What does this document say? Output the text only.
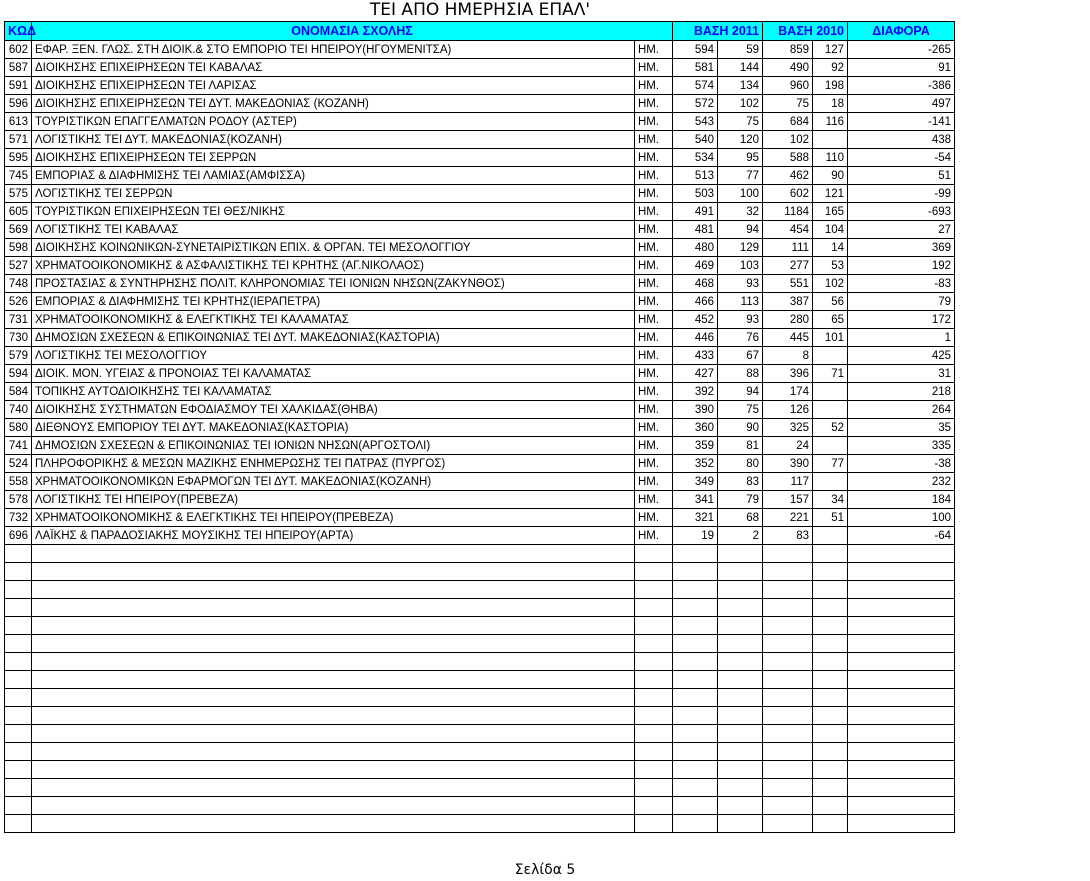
ΤΕΙ ΑΠΟ ΗΜΕΡΗΣΙΑ ΕΠΑΛ'
ΚΩΔ	ΟΝΟΜΑΣΙΑ ΣΧΟΛΗΣ		ΒΑΣΗ 2011		ΒΑΣΗ 2010		ΔΙΑΦΟΡΑ
602	ΕΦΑΡ. ΞΕΝ. ΓΛΩΣ. ΣΤΗ ΔΙΟΙΚ.& ΣΤΟ ΕΜΠΟΡΙΟ ΤΕΙ ΗΠΕΙΡΟΥ(ΗΓΟΥΜΕΝΙΤΣΑ)	ΗΜ.	594	59	859	127	-265
587	ΔΙΟΙΚΗΣΗΣ ΕΠΙΧΕΙΡΗΣΕΩΝ ΤΕΙ ΚΑΒΑΛΑΣ	ΗΜ.	581	144	490	92	91
591	ΔΙΟΙΚΗΣΗΣ ΕΠΙΧΕΙΡΗΣΕΩΝ ΤΕΙ ΛΑΡΙΣΑΣ	ΗΜ.	574	134	960	198	-386
596	ΔΙΟΙΚΗΣΗΣ ΕΠΙΧΕΙΡΗΣΕΩΝ ΤΕΙ ΔΥΤ. ΜΑΚΕΔΟΝΙΑΣ (ΚΟΖΑΝΗ)	ΗΜ.	572	102	75	18	497
613	ΤΟΥΡΙΣΤΙΚΩΝ ΕΠΑΓΓΕΛΜΑΤΩΝ ΡΟΔΟΥ (ΑΣΤΕΡ)	ΗΜ.	543	75	684	116	-141
571	ΛΟΓΙΣΤΙΚΗΣ ΤΕΙ ΔΥΤ. ΜΑΚΕΔΟΝΙΑΣ(ΚΟΖΑΝΗ)	ΗΜ.	540	120	102		438
595	ΔΙΟΙΚΗΣΗΣ ΕΠΙΧΕΙΡΗΣΕΩΝ ΤΕΙ ΣΕΡΡΩΝ	ΗΜ.	534	95	588	110	-54
745	ΕΜΠΟΡΙΑΣ & ΔΙΑΦΗΜΙΣΗΣ ΤΕΙ ΛΑΜΙΑΣ(ΑΜΦΙΣΣΑ)	ΗΜ.	513	77	462	90	51
575	ΛΟΓΙΣΤΙΚΗΣ ΤΕΙ ΣΕΡΡΩΝ	ΗΜ.	503	100	602	121	-99
605	ΤΟΥΡΙΣΤΙΚΩΝ ΕΠΙΧΕΙΡΗΣΕΩΝ ΤΕΙ ΘΕΣ/ΝΙΚΗΣ	ΗΜ.	491	32	1184	165	-693
569	ΛΟΓΙΣΤΙΚΗΣ ΤΕΙ ΚΑΒΑΛΑΣ	ΗΜ.	481	94	454	104	27
598	ΔΙΟΙΚΗΣΗΣ ΚΟΙΝΩΝΙΚΩΝ-ΣΥΝΕΤΑΙΡΙΣΤΙΚΩΝ ΕΠΙΧ. & ΟΡΓΑΝ. ΤΕΙ ΜΕΣΟΛΟΓΓΙΟΥ	ΗΜ.	480	129	111	14	369
527	ΧΡΗΜΑΤΟΟΙΚΟΝΟΜΙΚΗΣ & ΑΣΦΑΛΙΣΤΙΚΗΣ ΤΕΙ ΚΡΗΤΗΣ (ΑΓ.ΝΙΚΟΛΑΟΣ)	ΗΜ.	469	103	277	53	192
748	ΠΡΟΣΤΑΣΙΑΣ & ΣΥΝΤΗΡΗΣΗΣ ΠΟΛΙΤ. ΚΛΗΡΟΝΟΜΙΑΣ ΤΕΙ ΙΟΝΙΩΝ ΝΗΣΩΝ(ΖΑΚΥΝΘΟΣ)	ΗΜ.	468	93	551	102	-83
526	ΕΜΠΟΡΙΑΣ & ΔΙΑΦΗΜΙΣΗΣ ΤΕΙ ΚΡΗΤΗΣ(ΙΕΡΑΠΕΤΡΑ)	ΗΜ.	466	113	387	56	79
731	ΧΡΗΜΑΤΟΟΙΚΟΝΟΜΙΚΗΣ & ΕΛΕΓΚΤΙΚΗΣ ΤΕΙ ΚΑΛΑΜΑΤΑΣ	ΗΜ.	452	93	280	65	172
730	ΔΗΜΟΣΙΩΝ ΣΧΕΣΕΩΝ & ΕΠΙΚΟΙΝΩΝΙΑΣ ΤΕΙ ΔΥΤ. ΜΑΚΕΔΟΝΙΑΣ(ΚΑΣΤΟΡΙΑ)	ΗΜ.	446	76	445	101	1
579	ΛΟΓΙΣΤΙΚΗΣ ΤΕΙ ΜΕΣΟΛΟΓΓΙΟΥ	ΗΜ.	433	67	8		425
594	ΔΙΟΙΚ. ΜΟΝ. ΥΓΕΙΑΣ & ΠΡΟΝΟΙΑΣ ΤΕΙ ΚΑΛΑΜΑΤΑΣ	ΗΜ.	427	88	396	71	31
584	ΤΟΠΙΚΗΣ ΑΥΤΟΔΙΟΙΚΗΣΗΣ ΤΕΙ ΚΑΛΑΜΑΤΑΣ	ΗΜ.	392	94	174		218
740	ΔΙΟΙΚΗΣΗΣ ΣΥΣΤΗΜΑΤΩΝ ΕΦΟΔΙΑΣΜΟΥ ΤΕΙ ΧΑΛΚΙΔΑΣ(ΘΗΒΑ)	ΗΜ.	390	75	126		264
580	ΔΙΕΘΝΟΥΣ ΕΜΠΟΡΙΟΥ ΤΕΙ ΔΥΤ. ΜΑΚΕΔΟΝΙΑΣ(ΚΑΣΤΟΡΙΑ)	ΗΜ.	360	90	325	52	35
741	ΔΗΜΟΣΙΩΝ ΣΧΕΣΕΩΝ & ΕΠΙΚΟΙΝΩΝΙΑΣ ΤΕΙ ΙΟΝΙΩΝ ΝΗΣΩΝ(ΑΡΓΟΣΤΟΛΙ)	ΗΜ.	359	81	24		335
524	ΠΛΗΡΟΦΟΡΙΚΗΣ & ΜΕΣΩΝ ΜΑΖΙΚΗΣ ΕΝΗΜΕΡΩΣΗΣ ΤΕΙ ΠΑΤΡΑΣ (ΠΥΡΓΟΣ)	ΗΜ.	352	80	390	77	-38
558	ΧΡΗΜΑΤΟΟΙΚΟΝΟΜΙΚΩΝ ΕΦΑΡΜΟΓΩΝ ΤΕΙ ΔΥΤ. ΜΑΚΕΔΟΝΙΑΣ(ΚΟΖΑΝΗ)	ΗΜ.	349	83	117		232
578	ΛΟΓΙΣΤΙΚΗΣ ΤΕΙ ΗΠΕΙΡΟΥ(ΠΡΕΒΕΖΑ)	ΗΜ.	341	79	157	34	184
732	ΧΡΗΜΑΤΟΟΙΚΟΝΟΜΙΚΗΣ & ΕΛΕΓΚΤΙΚΗΣ ΤΕΙ ΗΠΕΙΡΟΥ(ΠΡΕΒΕΖΑ)	ΗΜ.	321	68	221	51	100
696	ΛΑΪΚΗΣ & ΠΑΡΑΔΟΣΙΑΚΗΣ ΜΟΥΣΙΚΗΣ ΤΕΙ ΗΠΕΙΡΟΥ(ΑΡΤΑ)	ΗΜ.	19	2	83		-64

Σελίδα 5
